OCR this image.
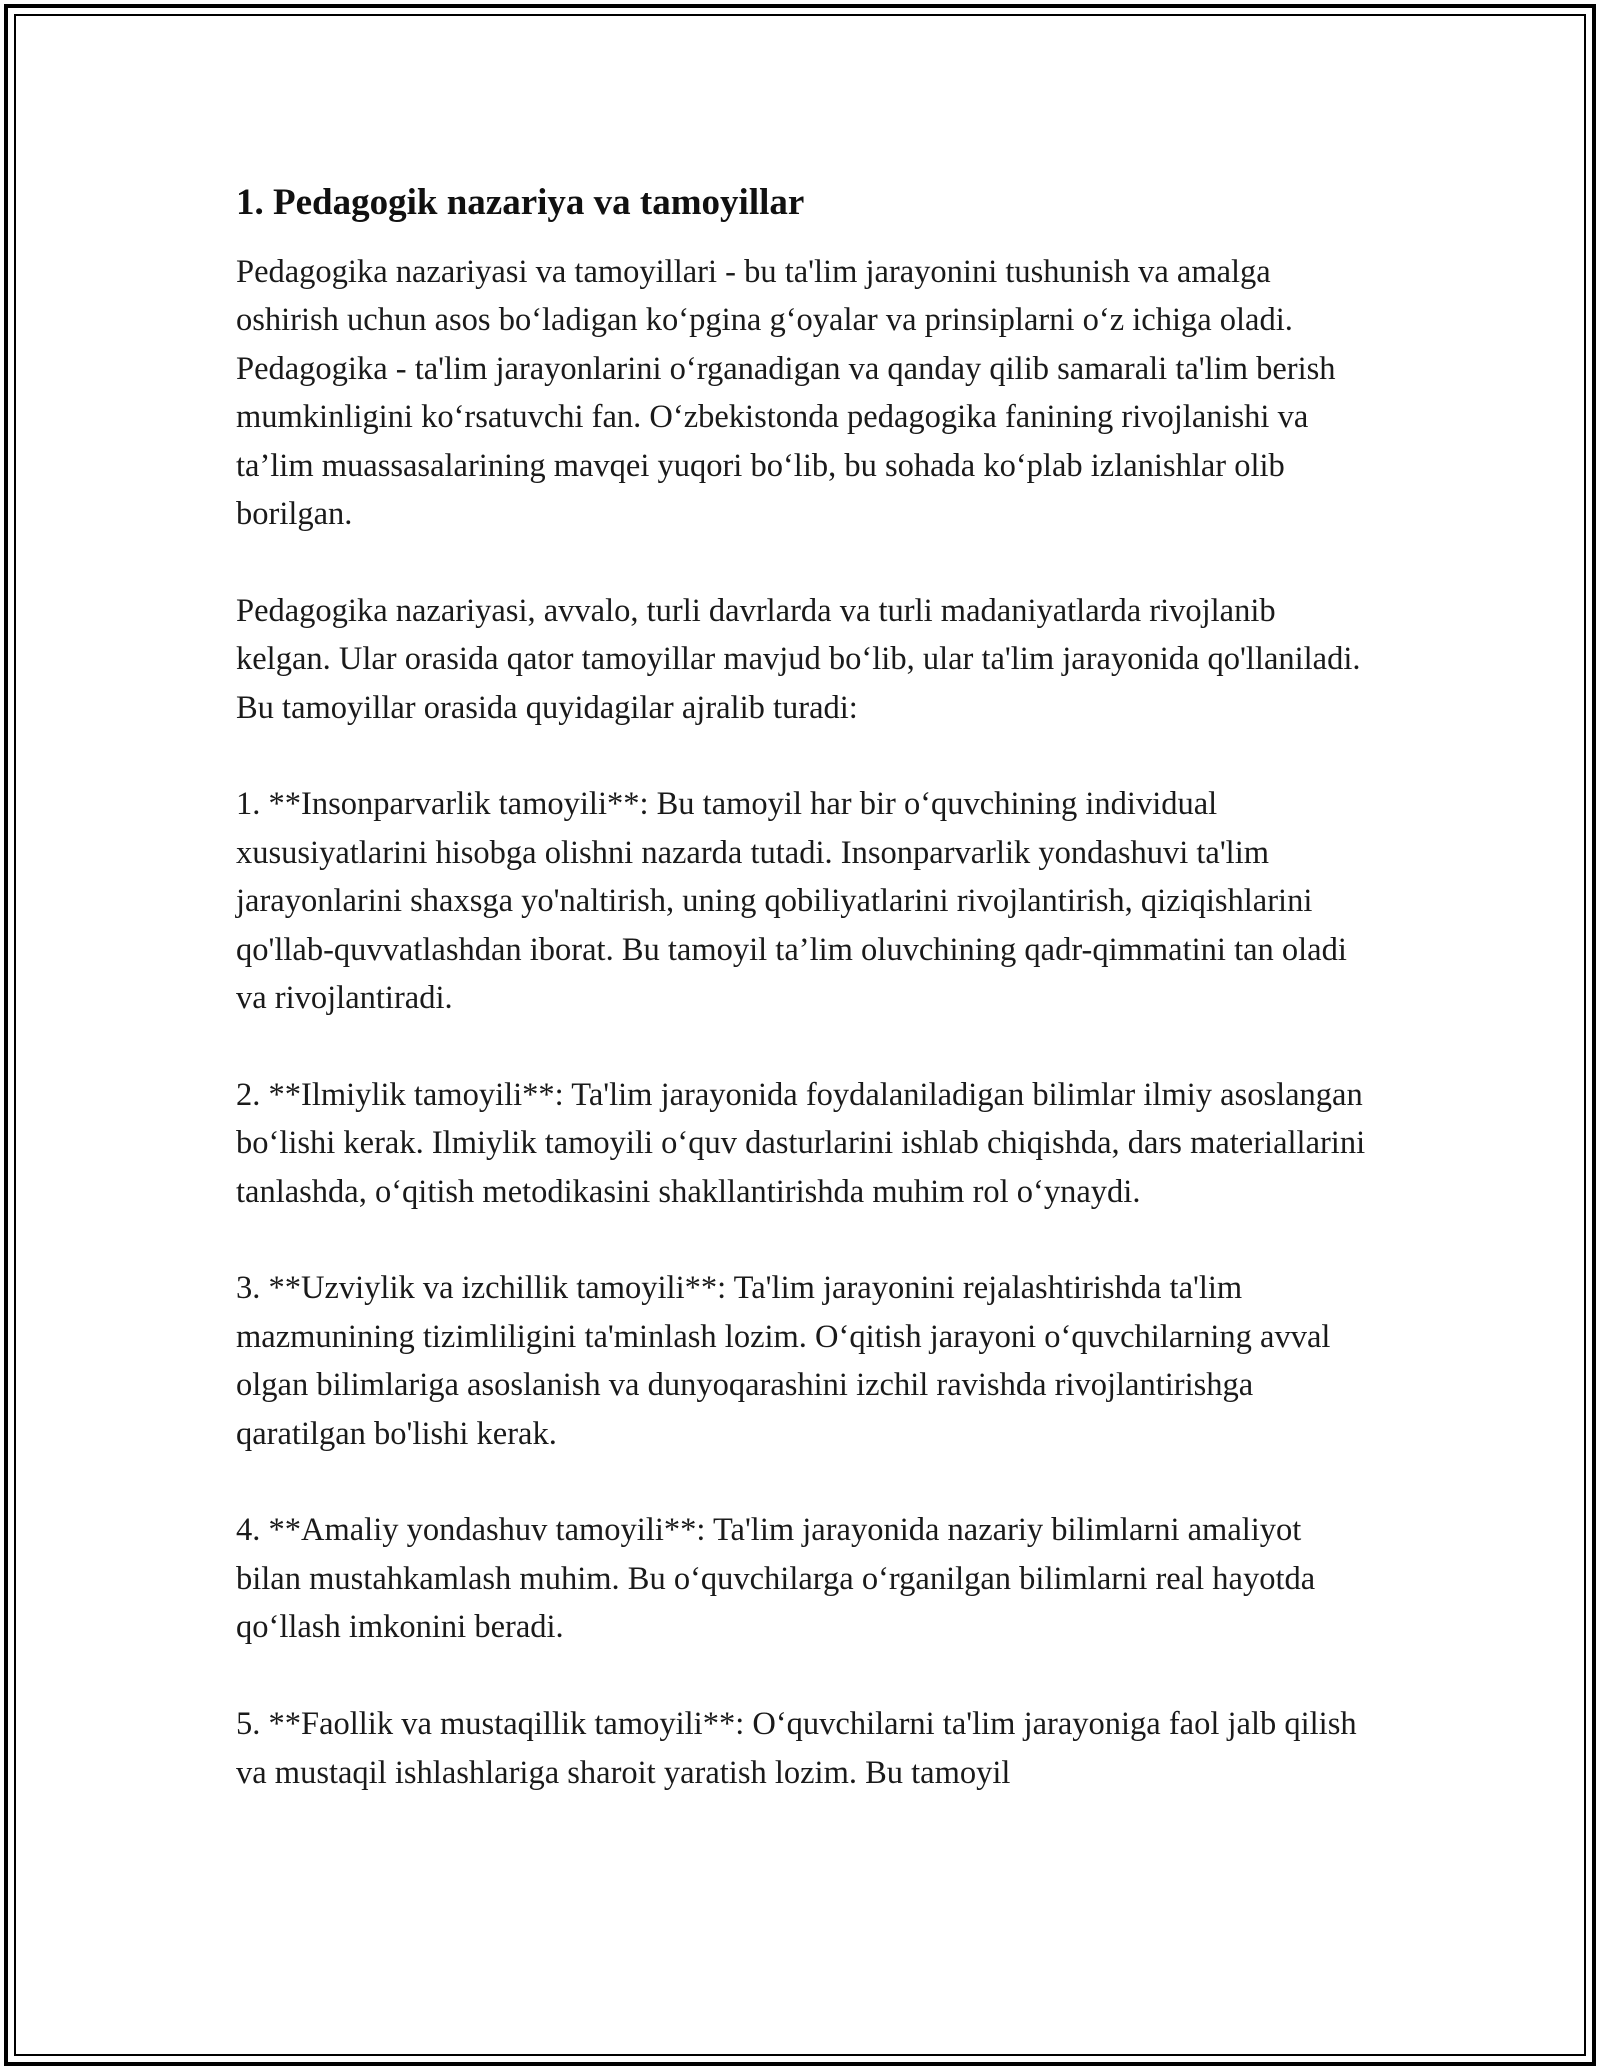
1. Pedagogik nazariya va tamoyillar

Pedagogika nazariyasi va tamoyillari - bu ta'lim jarayonini tushunish va amalga oshirish uchun asos bo‘ladigan ko‘pgina g‘oyalar va prinsiplarni o‘z ichiga oladi. Pedagogika - ta'lim jarayonlarini o‘rganadigan va qanday qilib samarali ta'lim berish mumkinligini ko‘rsatuvchi fan. O‘zbekistonda pedagogika fanining rivojlanishi va ta’lim muassasalarining mavqei yuqori bo‘lib, bu sohada ko‘plab izlanishlar olib borilgan.

Pedagogika nazariyasi, avvalo, turli davrlarda va turli madaniyatlarda rivojlanib kelgan. Ular orasida qator tamoyillar mavjud bo‘lib, ular ta'lim jarayonida qo'llaniladi. Bu tamoyillar orasida quyidagilar ajralib turadi:

1. **Insonparvarlik tamoyili**: Bu tamoyil har bir o‘quvchining individual xususiyatlarini hisobga olishni nazarda tutadi. Insonparvarlik yondashuvi ta'lim jarayonlarini shaxsga yo'naltirish, uning qobiliyatlarini rivojlantirish, qiziqishlarini qo'llab-quvvatlashdan iborat. Bu tamoyil ta’lim oluvchining qadr-qimmatini tan oladi va rivojlantiradi.

2. **Ilmiylik tamoyili**: Ta'lim jarayonida foydalaniladigan bilimlar ilmiy asoslangan bo‘lishi kerak. Ilmiylik tamoyili o‘quv dasturlarini ishlab chiqishda, dars materiallarini tanlashda, o‘qitish metodikasini shakllantirishda muhim rol o‘ynaydi.

3. **Uzviylik va izchillik tamoyili**: Ta'lim jarayonini rejalashtirishda ta'lim mazmunining tizimliligini ta'minlash lozim. O‘qitish jarayoni o‘quvchilarning avval olgan bilimlariga asoslanish va dunyoqarashini izchil ravishda rivojlantirishga qaratilgan bo'lishi kerak.

4. **Amaliy yondashuv tamoyili**: Ta'lim jarayonida nazariy bilimlarni amaliyot bilan mustahkamlash muhim. Bu o‘quvchilarga o‘rganilgan bilimlarni real hayotda qo‘llash imkonini beradi.

5. **Faollik va mustaqillik tamoyili**: O‘quvchilarni ta'lim jarayoniga faol jalb qilish va mustaqil ishlashlariga sharoit yaratish lozim. Bu tamoyil
